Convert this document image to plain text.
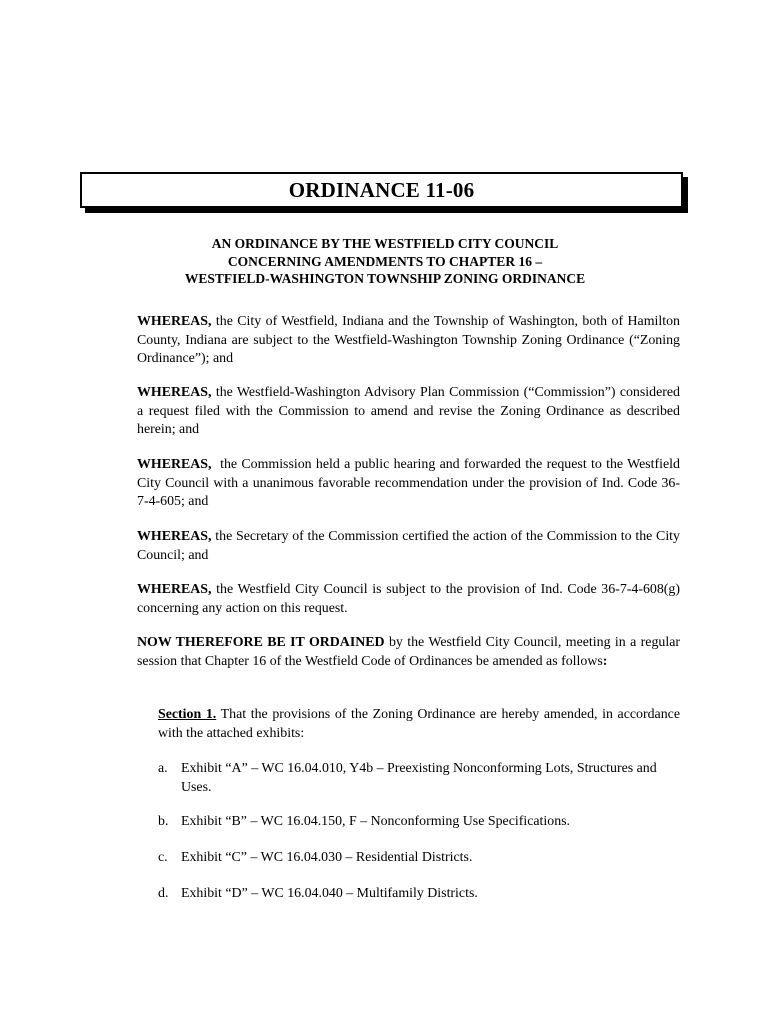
ORDINANCE 11-06
AN ORDINANCE BY THE WESTFIELD CITY COUNCIL
CONCERNING AMENDMENTS TO CHAPTER 16 –
WESTFIELD-WASHINGTON TOWNSHIP ZONING ORDINANCE

WHEREAS, the City of Westfield, Indiana and the Township of Washington, both of Hamilton County, Indiana are subject to the Westfield-Washington Township Zoning Ordinance (“Zoning Ordinance”); and

WHEREAS, the Westfield-Washington Advisory Plan Commission (“Commission”) considered a request filed with the Commission to amend and revise the Zoning Ordinance as described herein; and

WHEREAS,  the Commission held a public hearing and forwarded the request to the Westfield City Council with a unanimous favorable recommendation under the provision of Ind. Code 36-7-4-605; and

WHEREAS, the Secretary of the Commission certified the action of the Commission to the City Council; and

WHEREAS, the Westfield City Council is subject to the provision of Ind. Code 36-7-4-608(g) concerning any action on this request.

NOW THEREFORE BE IT ORDAINED by the Westfield City Council, meeting in a regular session that Chapter 16 of the Westfield Code of Ordinances be amended as follows:

Section 1. That the provisions of the Zoning Ordinance are hereby amended, in accordance with the attached exhibits:

a. Exhibit “A” – WC 16.04.010, Y4b – Preexisting Nonconforming Lots, Structures and Uses.
b. Exhibit “B” – WC 16.04.150, F – Nonconforming Use Specifications.
c. Exhibit “C” – WC 16.04.030 – Residential Districts.
d. Exhibit “D” – WC 16.04.040 – Multifamily Districts.
